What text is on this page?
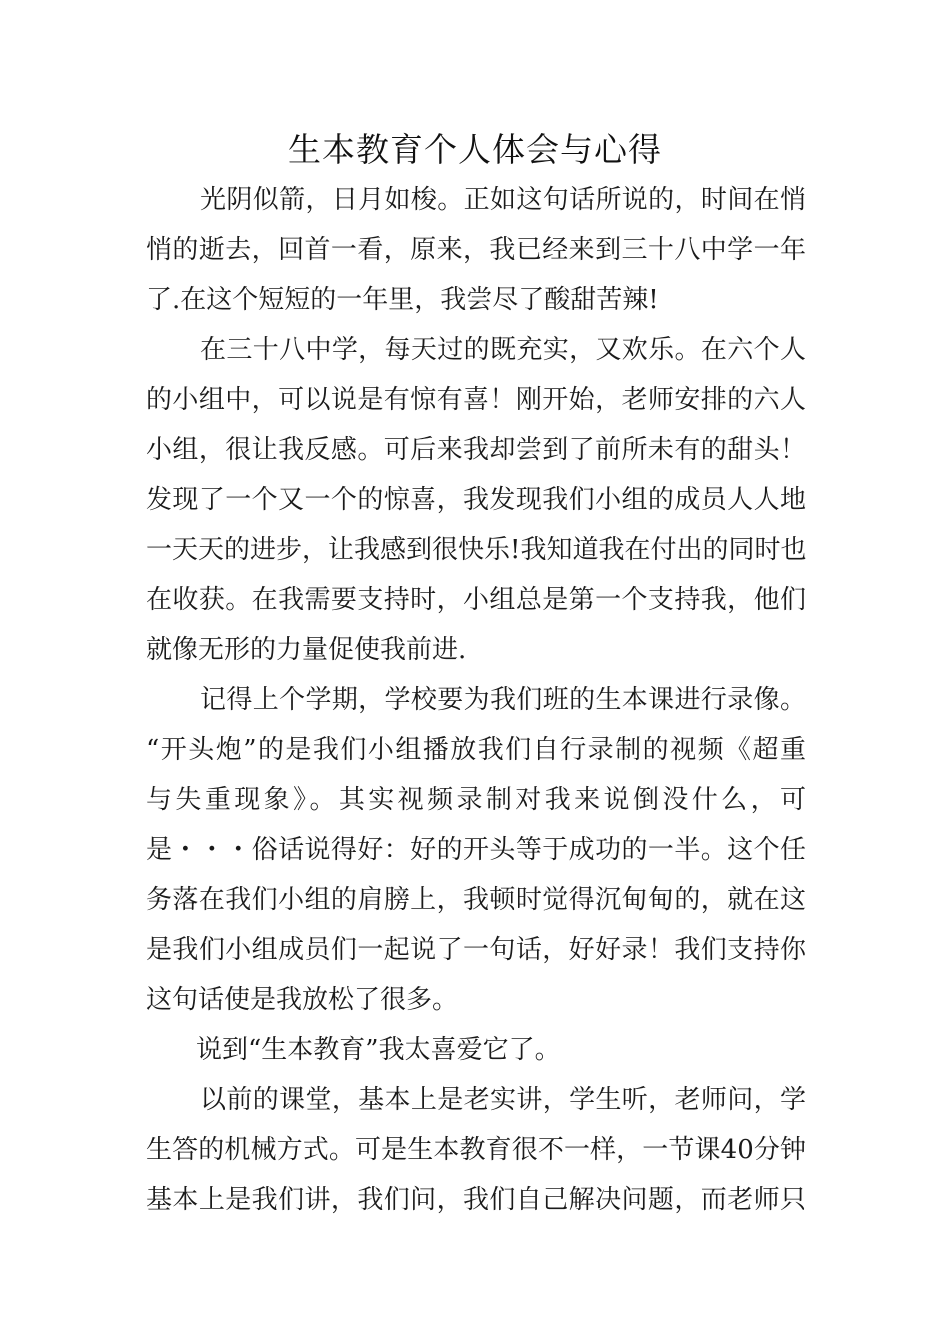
生本教育个人体会与心得
光阴似箭，日月如梭。正如这句话所说的，时间在悄
悄的逝去，回首一看，原来，我已经来到三十八中学一年
了.在这个短短的一年里，我尝尽了酸甜苦辣!
在三十八中学，每天过的既充实，又欢乐。在六个人
的小组中，可以说是有惊有喜！刚开始，老师安排的六人
小组，很让我反感。可后来我却尝到了前所未有的甜头！
发现了一个又一个的惊喜，我发现我们小组的成员人人地
一天天的进步，让我感到很快乐!我知道我在付出的同时也
在收获。在我需要支持时，小组总是第一个支持我，他们
就像无形的力量促使我前进.
记得上个学期，学校要为我们班的生本课进行录像。
“开头炮”的是我们小组播放我们自行录制的视频《超重
与失重现象》。其实视频录制对我来说倒没什么，可
是・・・俗话说得好：好的开头等于成功的一半。这个任
务落在我们小组的肩膀上，我顿时觉得沉甸甸的，就在这
是我们小组成员们一起说了一句话，好好录！我们支持你
这句话使是我放松了很多。
说到“生本教育”我太喜爱它了。
以前的课堂，基本上是老实讲，学生听，老师问，学
生答的机械方式。可是生本教育很不一样，一节课40分钟
基本上是我们讲，我们问，我们自己解决问题，而老师只
